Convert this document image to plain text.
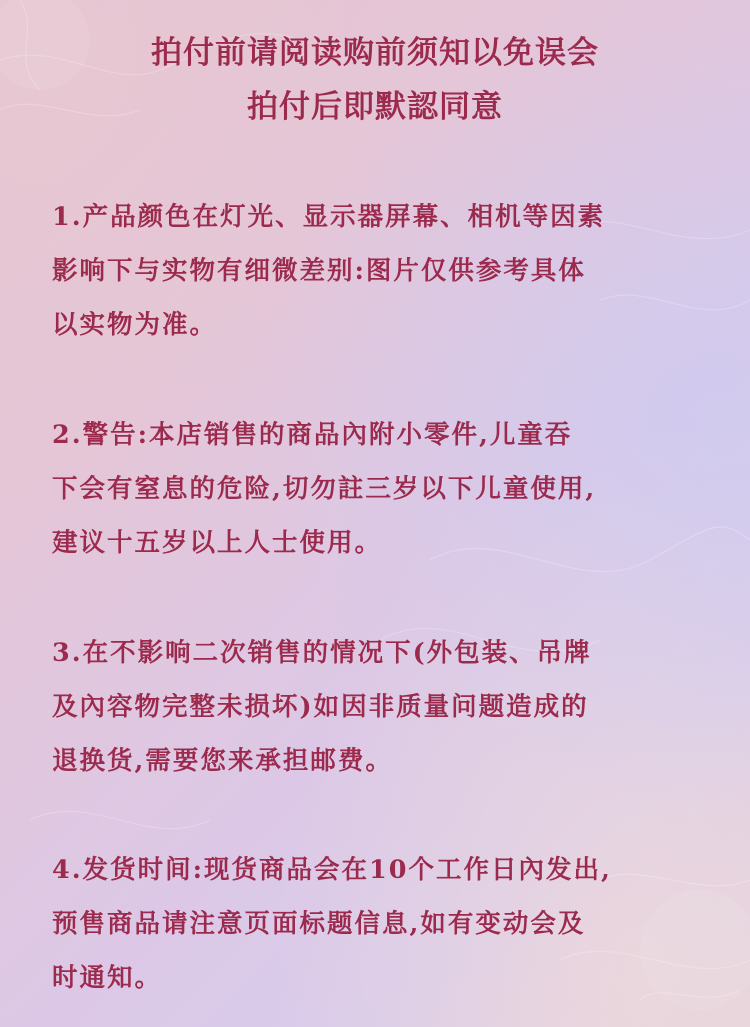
拍付前请阅读购前须知以免误会
拍付后即默認同意
1.产品颜色在灯光、显示器屏幕、相机等因素
影响下与实物有细微差别:图片仅供参考具体
以实物为准。
2.警告:本店销售的商品內附小零件,儿童吞
下会有窒息的危险,切勿註三岁以下儿童使用,
建议十五岁以上人士使用。
3.在不影响二次销售的情况下(外包装、吊牌
及內容物完整未损坏)如因非质量问题造成的
退换货,需要您来承担邮费。
4.发货时间:现货商品会在10个工作日內发出,
预售商品请注意页面标题信息,如有变动会及
时通知。
